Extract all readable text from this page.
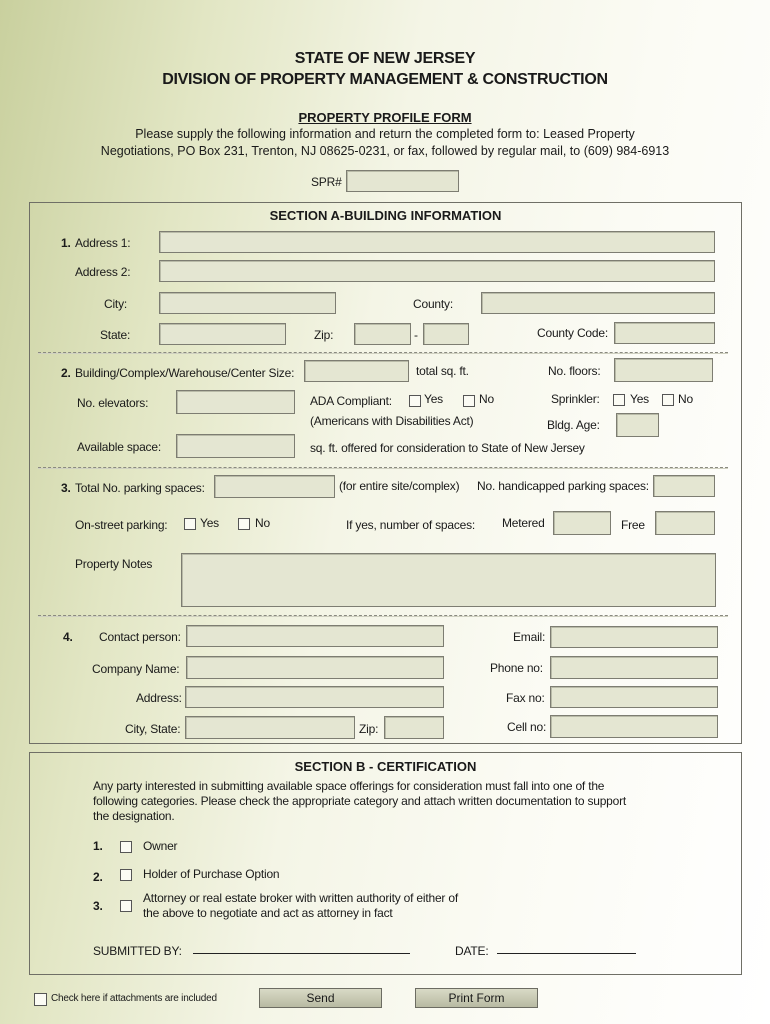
STATE OF NEW JERSEY
DIVISION OF PROPERTY MANAGEMENT & CONSTRUCTION
PROPERTY PROFILE FORM
Please supply the following information and return the completed form to: Leased Property
Negotiations, PO Box 231, Trenton, NJ 08625-0231, or fax, followed by regular mail, to (609) 984-6913
SPR#
SECTION A-BUILDING INFORMATION
1. Address 1:
Address 2:
City:	County:
State:	Zip:	-	County Code:
2. Building/Complex/Warehouse/Center Size:	total sq. ft.	No. floors:
No. elevators:	ADA Compliant:	Yes	No	Sprinkler:	Yes No
(Americans with Disabilities Act)	Bldg. Age:
Available space:	sq. ft. offered for consideration to State of New Jersey
3. Total No. parking spaces:	(for entire site/complex) No. handicapped parking spaces:
On-street parking:	Yes	No	If yes, number of spaces: Metered	Free
Property Notes
4. Contact person:	Email:
Company Name:	Phone no:
Address:	Fax no:
City, State:	Zip:	Cell no:
SECTION B - CERTIFICATION
Any party interested in submitting available space offerings for consideration must fall into one of the
following categories. Please check the appropriate category and attach written documentation to support
the designation.
1.	Owner
2.	Holder of Purchase Option
3.
Attorney or real estate broker with written authority of either of
the above to negotiate and act as attorney in fact
SUBMITTED BY:	DATE:
Check here if attachments are included	Send	Print Form
